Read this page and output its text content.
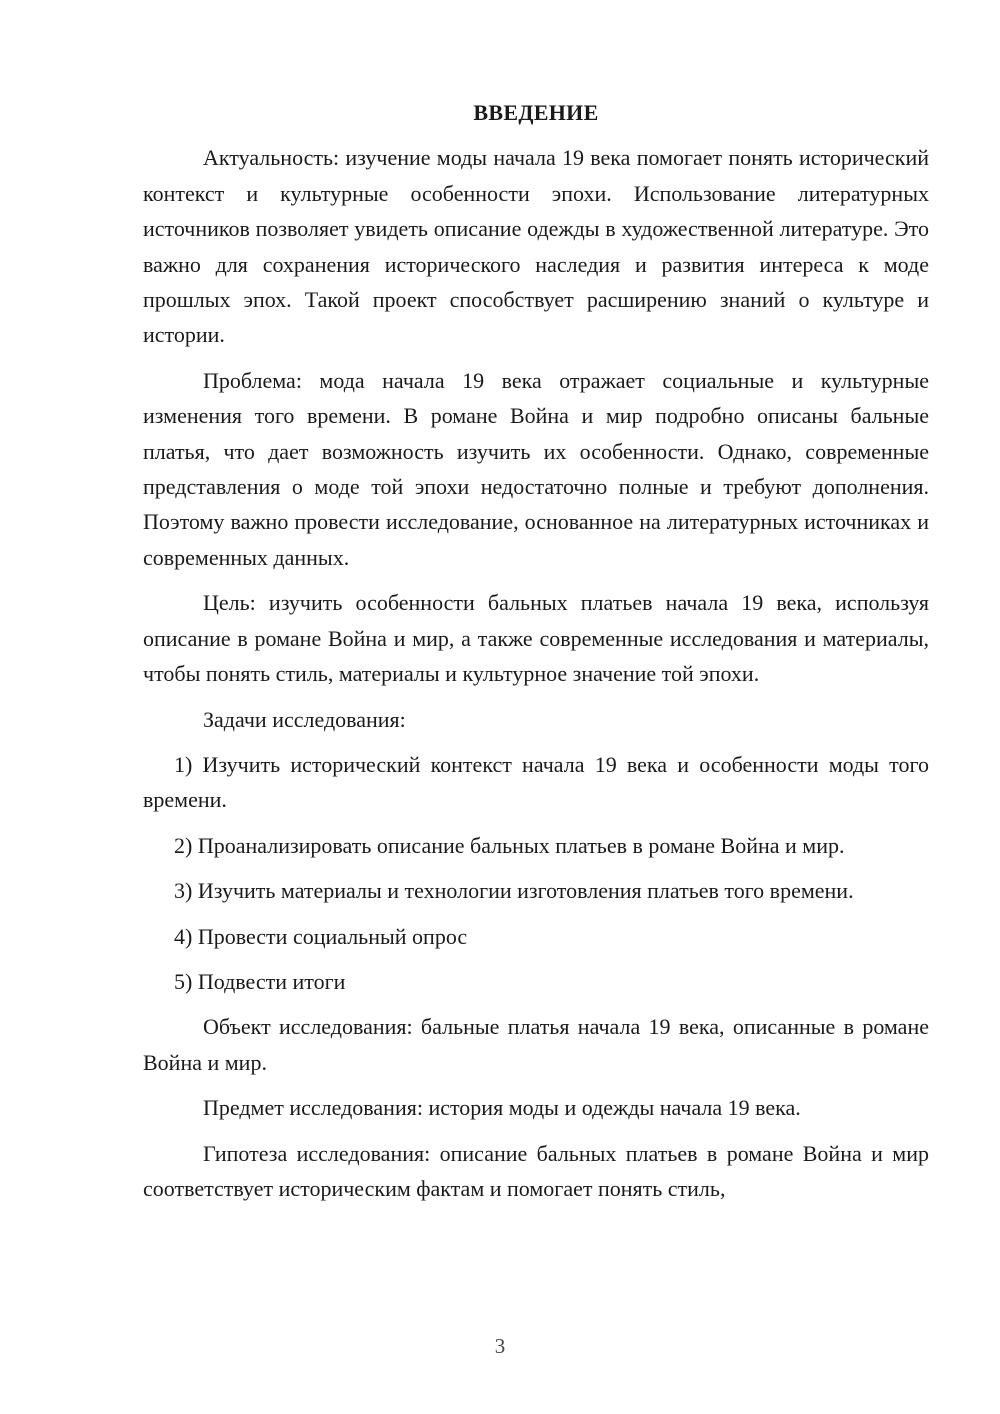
ВВЕДЕНИЕ

Актуальность: изучение моды начала 19 века помогает понять исторический контекст и культурные особенности эпохи. Использование литературных источников позволяет увидеть описание одежды в художественной литературе. Это важно для сохранения исторического наследия и развития интереса к моде прошлых эпох. Такой проект способствует расширению знаний о культуре и истории.

Проблема: мода начала 19 века отражает социальные и культурные изменения того времени. В романе Война и мир подробно описаны бальные платья, что дает возможность изучить их особенности. Однако, современные представления о моде той эпохи недостаточно полные и требуют дополнения. Поэтому важно провести исследование, основанное на литературных источниках и современных данных.

Цель: изучить особенности бальных платьев начала 19 века, используя описание в романе Война и мир, а также современные исследования и материалы, чтобы понять стиль, материалы и культурное значение той эпохи.

Задачи исследования:

1) Изучить исторический контекст начала 19 века и особенности моды того времени.

2) Проанализировать описание бальных платьев в романе Война и мир.

3) Изучить материалы и технологии изготовления платьев того времени.

4) Провести социальный опрос

5) Подвести итоги

Объект исследования: бальные платья начала 19 века, описанные в романе Война и мир.

Предмет исследования: история моды и одежды начала 19 века.

Гипотеза исследования: описание бальных платьев в романе Война и мир соответствует историческим фактам и помогает понять стиль,

3
